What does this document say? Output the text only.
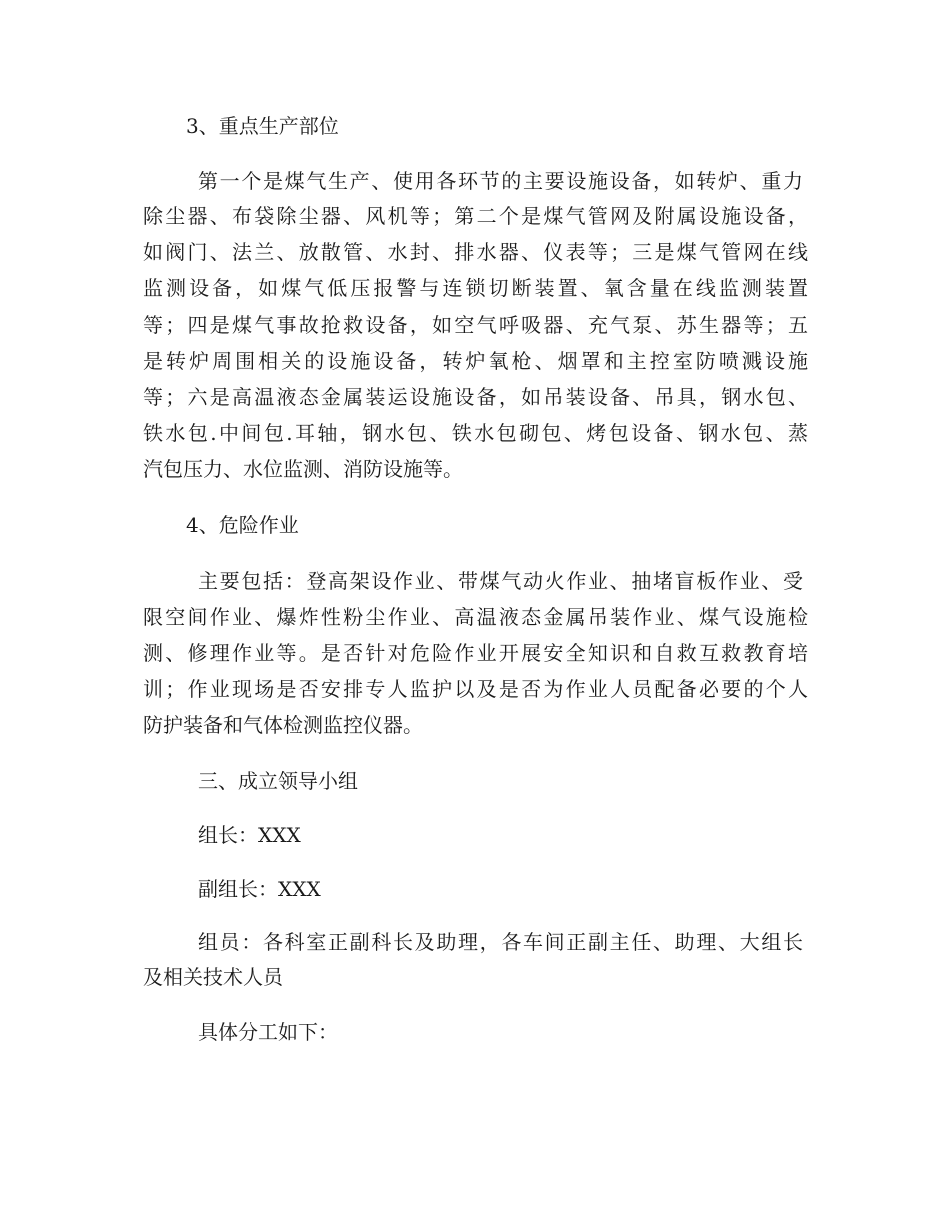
3、重点生产部位
第一个是煤气生产、使用各环节的主要设施设备，如转炉、重力
除尘器、布袋除尘器、风机等；第二个是煤气管网及附属设施设备，
如阀门、法兰、放散管、水封、排水器、仪表等；三是煤气管网在线
监测设备，如煤气低压报警与连锁切断装置、氧含量在线监测装置
等；四是煤气事故抢救设备，如空气呼吸器、充气泵、苏生器等；五
是转炉周围相关的设施设备，转炉氧枪、烟罩和主控室防喷溅设施
等；六是高温液态金属装运设施设备，如吊装设备、吊具，钢水包、
铁水包.中间包.耳轴，钢水包、铁水包砌包、烤包设备、钢水包、蒸
汽包压力、水位监测、消防设施等。
4、危险作业
主要包括：登高架设作业、带煤气动火作业、抽堵盲板作业、受
限空间作业、爆炸性粉尘作业、高温液态金属吊装作业、煤气设施检
测、修理作业等。是否针对危险作业开展安全知识和自救互救教育培
训；作业现场是否安排专人监护以及是否为作业人员配备必要的个人
防护装备和气体检测监控仪器。
三、成立领导小组
组长：XXX
副组长：XXX
组员：各科室正副科长及助理，各车间正副主任、助理、大组长
及相关技术人员
具体分工如下：
